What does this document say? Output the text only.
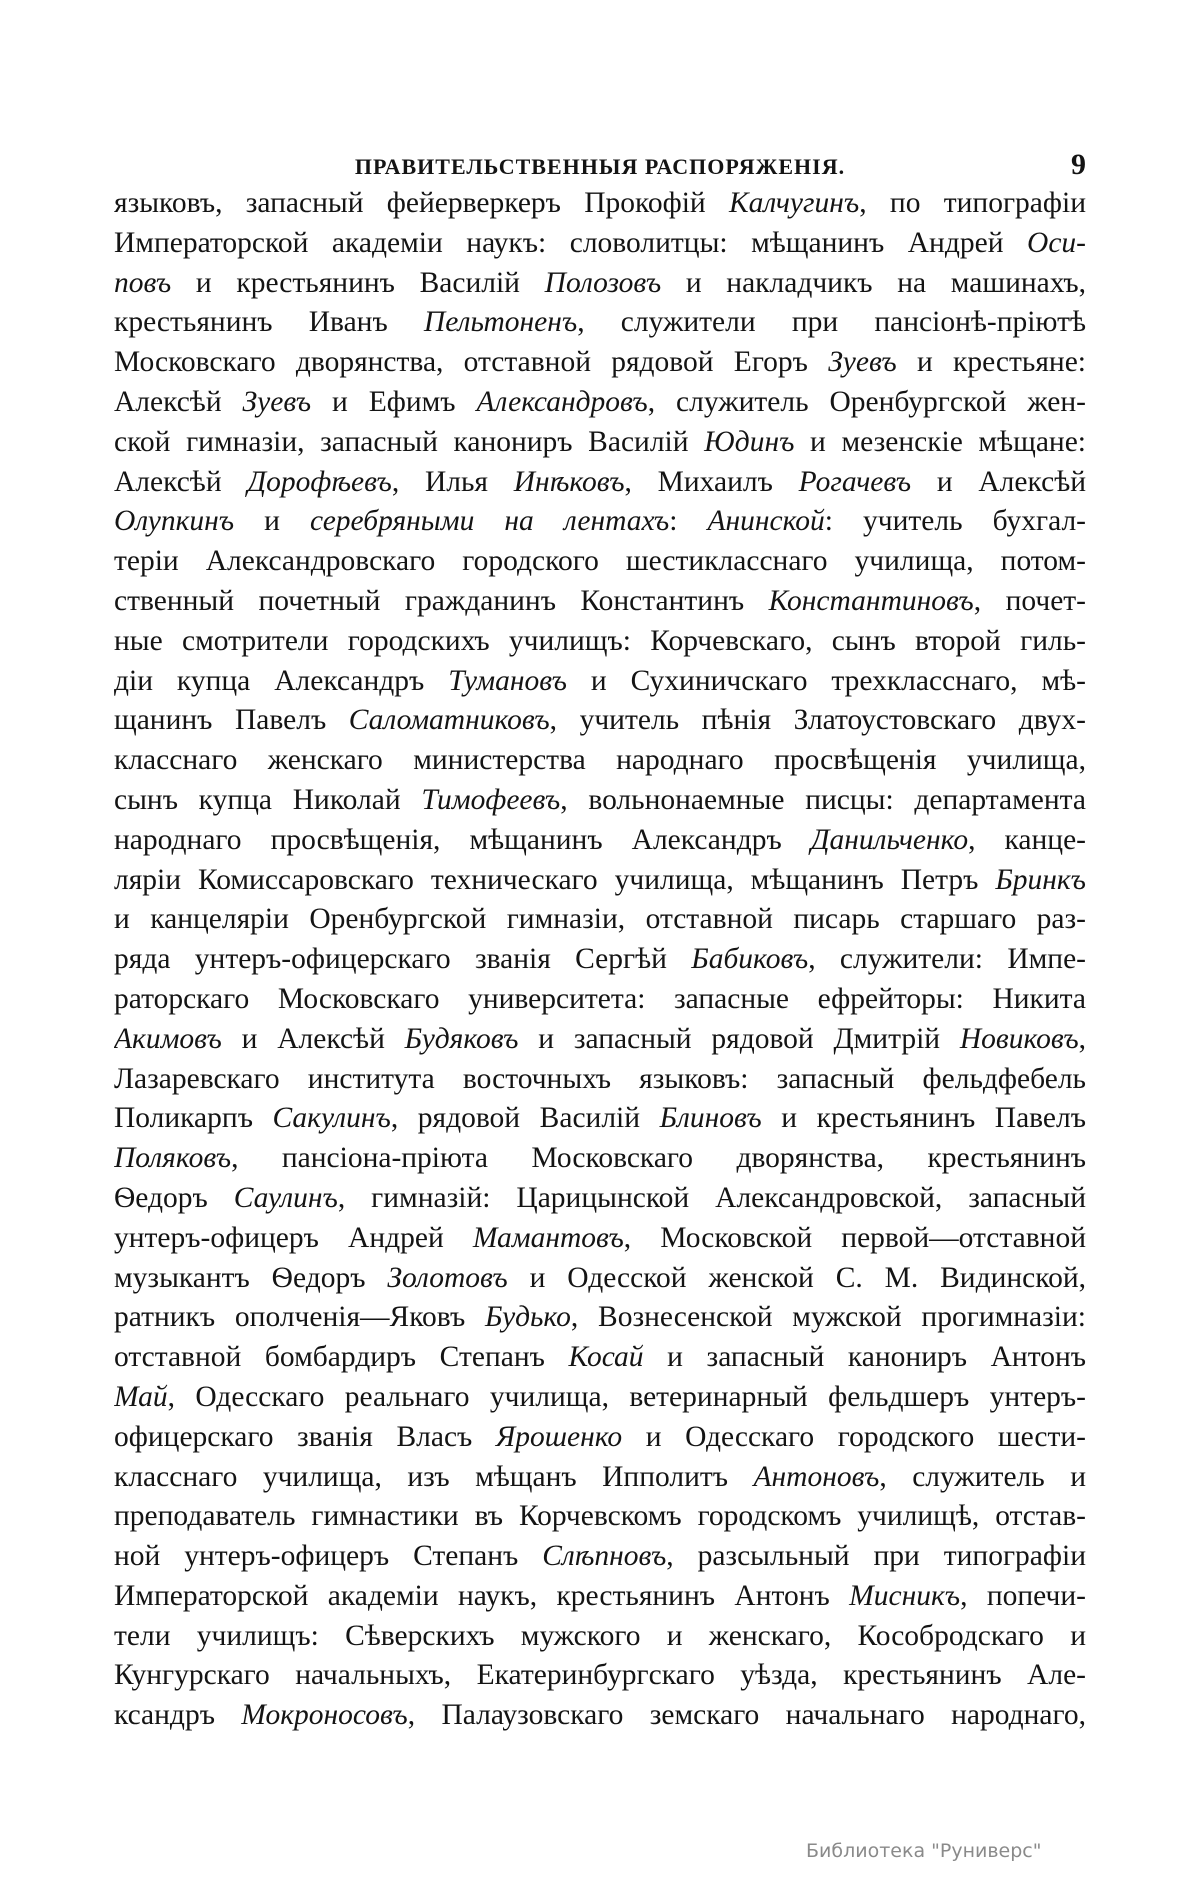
ПРАВИТЕЛЬСТВЕННЫЯ РАСПОРЯЖЕНІЯ.	9
языковъ, запасный фейерверкеръ Прокофій Калчугинъ, по типографіи
Императорской академіи наукъ: словолитцы: мѣщанинъ Андрей Оси-
повъ и крестьянинъ Василій Полозовъ и накладчикъ на машинахъ,
крестьянинъ Иванъ Пельтоненъ, служители при пансіонѣ-пріютѣ
Московскаго дворянства, отставной рядовой Егоръ Зуевъ и крестьяне:
Алексѣй Зуевъ и Ефимъ Александровъ, служитель Оренбургской жен-
ской гимназіи, запасный канониръ Василій Юдинъ и мезенскіе мѣщане:
Алексѣй Дорофѣевъ, Илья Инѣковъ, Михаилъ Рогачевъ и Алексѣй
Олупкинъ и серебряными на лентахъ: Анинской: учитель бухгал-
теріи Александровскаго городского шестикласснаго училища, потом-
ственный почетный гражданинъ Константинъ Константиновъ, почет-
ные смотрители городскихъ училищъ: Корчевскаго, сынъ второй гиль-
діи купца Александръ Тумановъ и Сухиничскаго трехкласснаго, мѣ-
щанинъ Павелъ Саломатниковъ, учитель пѣнія Златоустовскаго двух-
класснаго женскаго министерства народнаго просвѣщенія училища,
сынъ купца Николай Тимофеевъ, вольнонаемные писцы: департамента
народнаго просвѣщенія, мѣщанинъ Александръ Данильченко, канце-
ляріи Комиссаровскаго техническаго училища, мѣщанинъ Петръ Бринкъ
и канцеляріи Оренбургской гимназіи, отставной писарь старшаго раз-
ряда унтеръ-офицерскаго званія Сергѣй Бабиковъ, служители: Импе-
раторскаго Московскаго университета: запасные ефрейторы: Никита
Акимовъ и Алексѣй Будяковъ и запасный рядовой Дмитрій Новиковъ,
Лазаревскаго института восточныхъ языковъ: запасный фельдфебель
Поликарпъ Сакулинъ, рядовой Василій Блиновъ и крестьянинъ Павелъ
Поляковъ, пансіона-пріюта Московскаго дворянства, крестьянинъ
Ѳедоръ Саулинъ, гимназій: Царицынской Александровской, запасный
унтеръ-офицеръ Андрей Мамантовъ, Московской первой—отставной
музыкантъ Ѳедоръ Золотовъ и Одесской женской С. М. Видинской,
ратникъ ополченія—Яковъ Будько, Вознесенской мужской прогимназіи:
отставной бомбардиръ Степанъ Косай и запасный канониръ Антонъ
Май, Одесскаго реальнаго училища, ветеринарный фельдшеръ унтеръ-
офицерскаго званія Власъ Ярошенко и Одесскаго городского шести-
класснаго училища, изъ мѣщанъ Ипполитъ Антоновъ, служитель и
преподаватель гимнастики въ Корчевскомъ городскомъ училищѣ, отстав-
ной унтеръ-офицеръ Степанъ Слѣпновъ, разсыльный при типографіи
Императорской академіи наукъ, крестьянинъ Антонъ Мисникъ, попечи-
тели училищъ: Сѣверскихъ мужского и женскаго, Кособродскаго и
Кунгурскаго начальныхъ, Екатеринбургскаго уѣзда, крестьянинъ Але-
ксандръ Мокроносовъ, Палаузовскаго земскаго начальнаго народнаго,
Библиотека "Руниверс"
